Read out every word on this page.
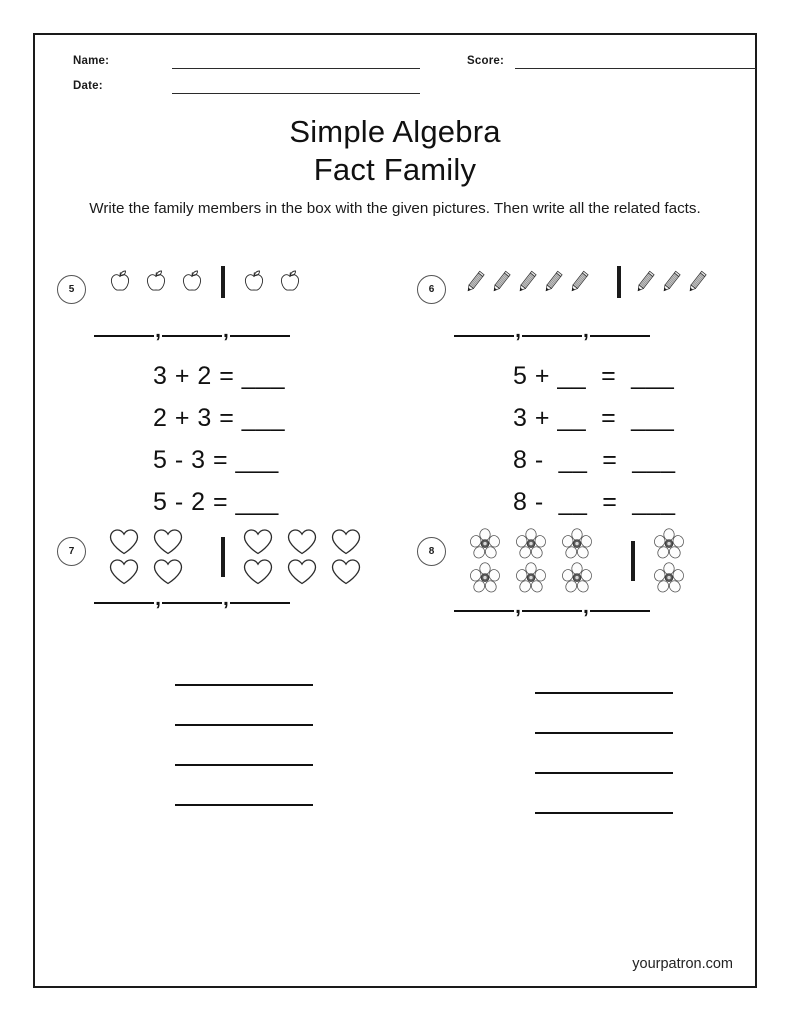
Name:
Date:
Score:
Simple Algebra
Fact Family
Write the family members in the box with the given pictures. Then write all the related facts.
5
,	,
3 + 2 = ___
2 + 3 = ___
5 - 3 = ___
5 - 2 = ___
6
,	,
5 + __  =  ___
3 + __  =  ___
8 -  __  =  ___
8 -  __  =  ___
7
,	,
8
,	,
yourpatron.com
